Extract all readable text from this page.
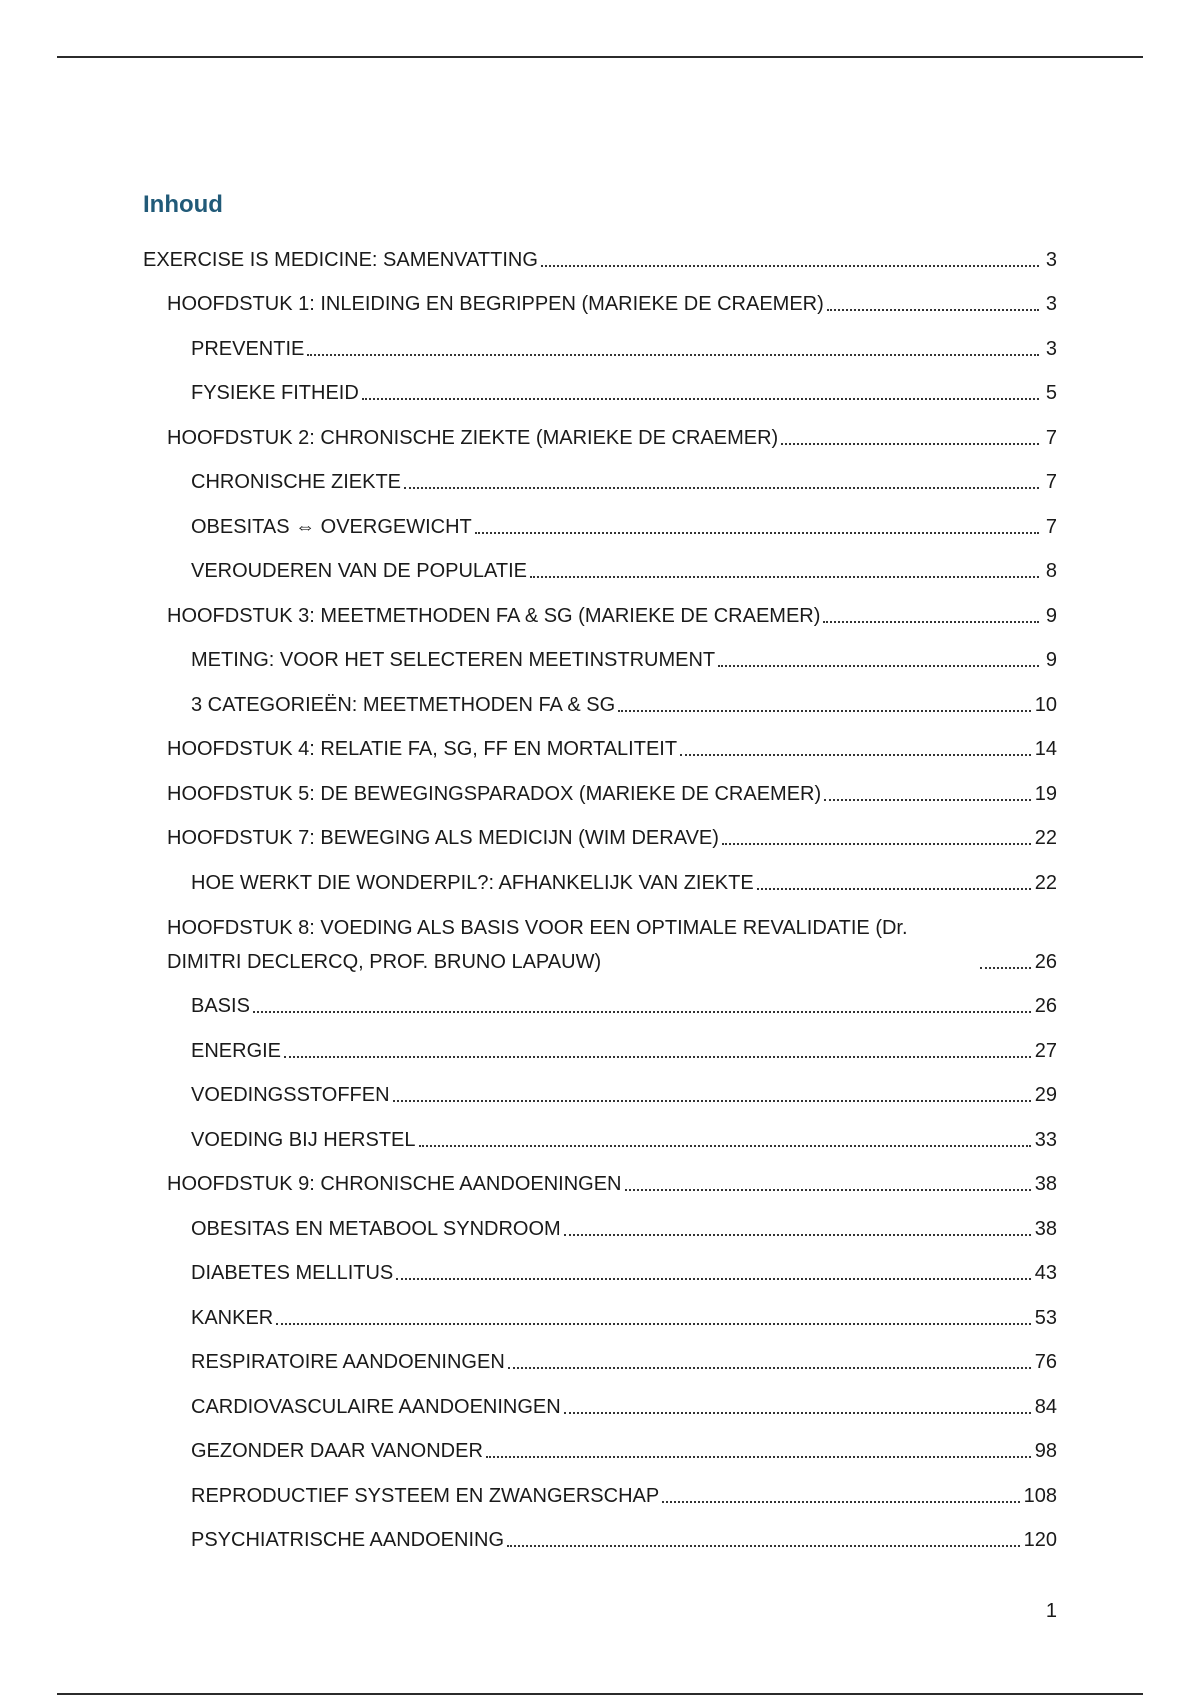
Inhoud
EXERCISE IS MEDICINE: SAMENVATTING	3
HOOFDSTUK 1: INLEIDING EN BEGRIPPEN (MARIEKE DE CRAEMER)	3
PREVENTIE	3
FYSIEKE FITHEID	5
HOOFDSTUK 2: CHRONISCHE ZIEKTE (MARIEKE DE CRAEMER)	7
CHRONISCHE ZIEKTE	7
OBESITAS ⇔ OVERGEWICHT	7
VEROUDEREN VAN DE POPULATIE	8
HOOFDSTUK 3: MEETMETHODEN FA & SG (MARIEKE DE CRAEMER)	9
METING: VOOR HET SELECTEREN MEETINSTRUMENT	9
3 CATEGORIEËN: MEETMETHODEN FA & SG	10
HOOFDSTUK 4: RELATIE FA, SG, FF EN MORTALITEIT	14
HOOFDSTUK 5: DE BEWEGINGSPARADOX (MARIEKE DE CRAEMER)	19
HOOFDSTUK 7: BEWEGING ALS MEDICIJN (WIM DERAVE)	22
HOE WERKT DIE WONDERPIL?: AFHANKELIJK VAN ZIEKTE	22
HOOFDSTUK 8: VOEDING ALS BASIS VOOR EEN OPTIMALE REVALIDATIE (Dr. DIMITRI DECLERCQ, PROF. BRUNO LAPAUW)	26
BASIS	26
ENERGIE	27
VOEDINGSSTOFFEN	29
VOEDING BIJ HERSTEL	33
HOOFDSTUK 9: CHRONISCHE AANDOENINGEN	38
OBESITAS EN METABOOL SYNDROOM	38
DIABETES MELLITUS	43
KANKER	53
RESPIRATOIRE AANDOENINGEN	76
CARDIOVASCULAIRE AANDOENINGEN	84
GEZONDER DAAR VANONDER	98
REPRODUCTIEF SYSTEEM EN ZWANGERSCHAP	108
PSYCHIATRISCHE AANDOENING	120
1
